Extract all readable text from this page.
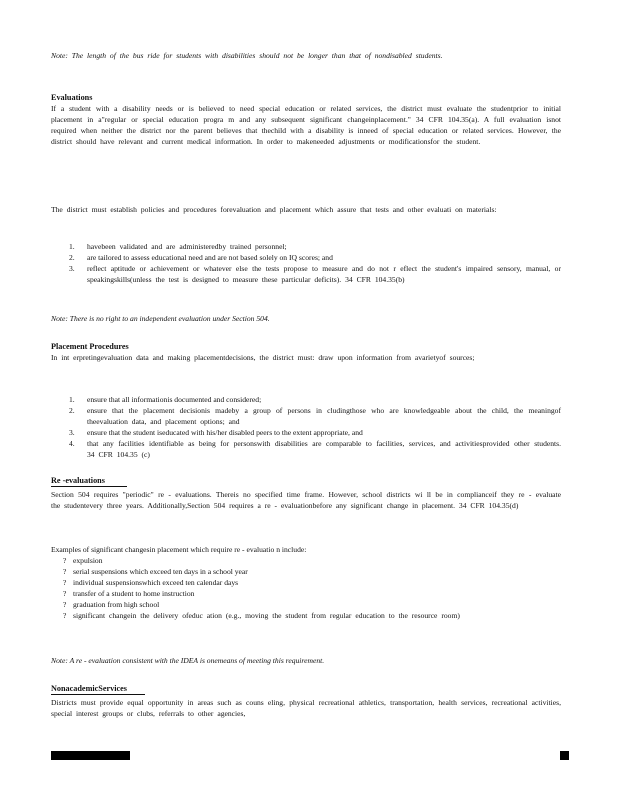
Note: The length of the bus ride for students with disabilities should not be longer than that of nondisabled students.
Evaluations
If a student with a disability needs or is believed to need special education or related services, the district must evaluate the studentprior to initial placement in a"regular or special education progra m and any subsequent significant changeinplacement." 34 CFR 104.35(a). A full evaluation isnot required when neither the district nor the parent believes that thechild with a disability is inneed of special education or related services. However, the district should have relevant and current medical information. In order to makeneeded adjustments or modificationsfor the student.
The district must establish policies and procedures forevaluation and placement which assure that tests and other evaluati on materials:
1. havebeen validated and are administeredby trained personnel;
2. are tailored to assess educational need and are not based solely on IQ scores; and
3. reflect aptitude or achievement or whatever else the tests propose to measure and do not r eflect the student's impaired sensory, manual, or speakingskills(unless the test is designed to measure these particular deficits). 34 CFR 104.35(b)
Note: There is no right to an independent evaluation under Section 504.
Placement Procedures
In int erpretingevaluation data and making placementdecisions, the district must: draw upon information from avarietyof sources;
1. ensure that all informationis documented and considered;
2. ensure that the placement decisionis madeby a group of persons in cludingthose who are knowledgeable about the child, the meaningof theevaluation data, and placement options; and
3. ensure that the student iseducated with his/her disabled peers to the extent appropriate, and
4. that any facilities identifiable as being for personswith disabilities are comparable to facilities, services, and activitiesprovided other students. 34 CFR 104.35 (c)
Re -evaluations
Section 504 requires "periodic" re - evaluations. Thereis no specified time frame. However, school districts wi ll be in complianceif they re - evaluate the studentevery three years. Additionally,Section 504 requires a re - evaluationbefore any significant change in placement. 34 CFR 104.35(d)
Examples of significant changesin placement which require re - evaluatio n include:
? expulsion
? serial suspensions which exceed ten days in a school year
? individual suspensionswhich exceed ten calendar days
? transfer of a student to home instruction
? graduation from high school
? significant changein the delivery ofeduc ation (e.g., moving the student from regular education to the resource room)
Note: A re - evaluation consistent with the IDEA is onemeans of meeting this requirement.
NonacademicServices
Districts must provide equal opportunity in areas such as couns eling, physical recreational athletics, transportation, health services, recreational activities, special interest groups or clubs, referrals to other agencies,
